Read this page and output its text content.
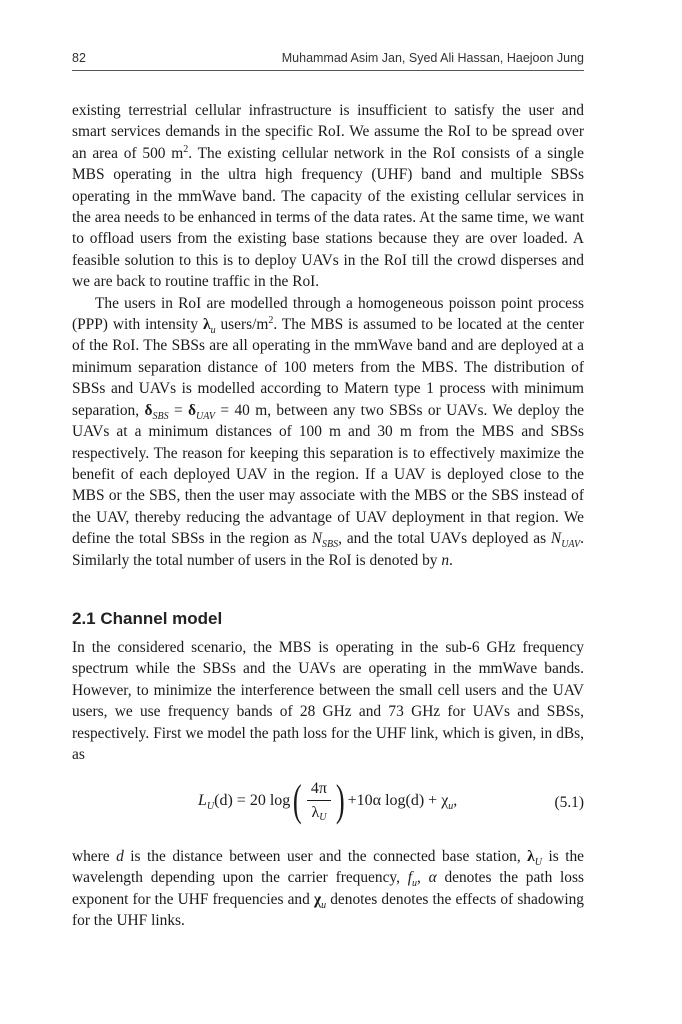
82	Muhammad Asim Jan, Syed Ali Hassan, Haejoon Jung

existing terrestrial cellular infrastructure is insufficient to satisfy the user and smart services demands in the specific RoI. We assume the RoI to be spread over an area of 500 $m^2$. The existing cellular network in the RoI consists of a single MBS operating in the ultra high frequency (UHF) band and multiple SBSs operating in the mmWave band. The capacity of the existing cellular services in the area needs to be enhanced in terms of the data rates. At the same time, we want to offload users from the existing base stations because they are over loaded. A feasible solution to this is to deploy UAVs in the RoI till the crowd disperses and we are back to routine traffic in the RoI.

The users in RoI are modelled through a homogeneous poisson point process (PPP) with intensity $\lambda_u$ users/$m^2$. The MBS is assumed to be located at the center of the RoI. The SBSs are all operating in the mmWave band and are deployed at a minimum separation distance of 100 meters from the MBS. The distribution of SBSs and UAVs is modelled according to Matern type 1 process with minimum separation, $\delta_{SBS} = \delta_{UAV} = 40$ m, between any two SBSs or UAVs. We deploy the UAVs at a minimum distances of 100 m and 30 m from the MBS and SBSs respectively. The reason for keeping this separation is to effectively maximize the benefit of each deployed UAV in the region. If a UAV is deployed close to the MBS or the SBS, then the user may associate with the MBS or the SBS instead of the UAV, thereby reducing the advantage of UAV deployment in that region. We define the total SBSs in the region as $N_{SBS}$, and the total UAVs deployed as $N_{UAV}$. Similarly the total number of users in the RoI is denoted by n.

2.1 Channel model

In the considered scenario, the MBS is operating in the sub-6 GHz frequency spectrum while the SBSs and the UAVs are operating in the mmWave bands. However, to minimize the interference between the small cell users and the UAV users, we use frequency bands of 28 GHz and 73 GHz for UAVs and SBSs, respectively. First we model the path loss for the UHF link, which is given, in dBs, as

$L_U(d) = 20$ $\log( \frac{4\pi}{\lambda_U}$ ) +10α $\log(d) + \chi_u$,	(5.1)

where d is the distance between user and the connected base station, $\lambda_U$ is the wavelength depending upon the carrier frequency, $f_u$, α denotes the path loss exponent for the UHF frequencies and $\chi_u$ denotes denotes the effects of shadowing for the UHF links.
